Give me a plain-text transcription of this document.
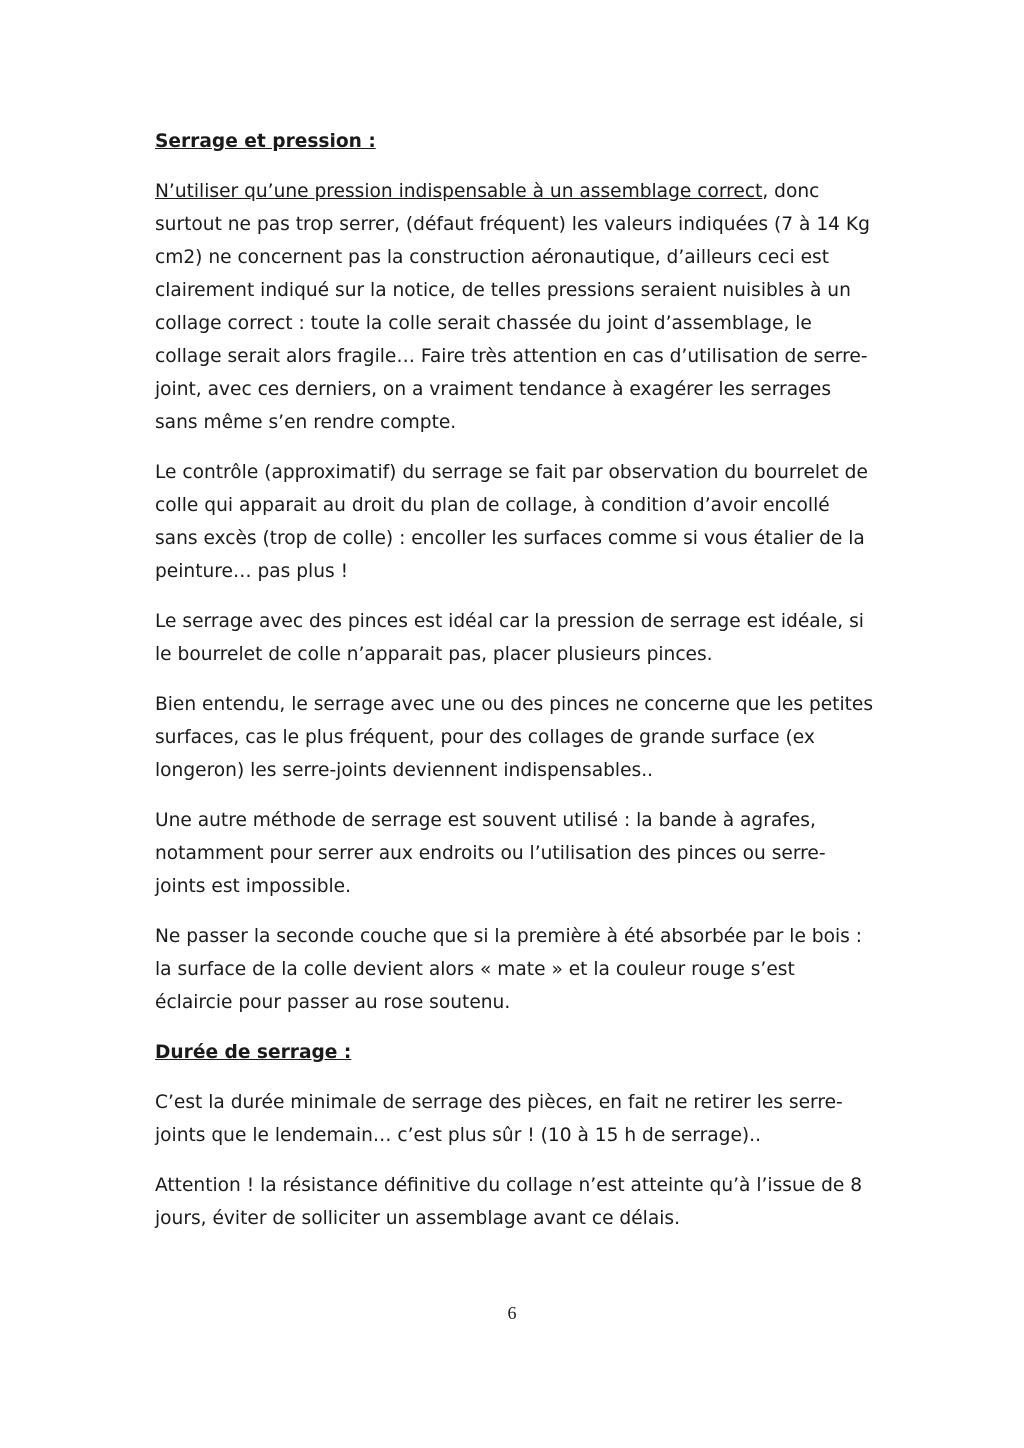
Serrage et pression :
N’utiliser qu’une pression indispensable à un assemblage correct, donc surtout ne pas trop serrer, (défaut fréquent) les valeurs indiquées (7 à 14 Kg cm2) ne concernent pas la construction aéronautique, d’ailleurs ceci est clairement indiqué sur la notice, de telles pressions seraient nuisibles à un collage correct : toute la colle serait chassée du joint d’assemblage, le collage serait alors fragile… Faire très attention en cas d’utilisation de serre-joint, avec ces derniers, on a vraiment tendance à exagérer les serrages sans même s’en rendre compte.
Le contrôle (approximatif) du serrage se fait par observation du bourrelet de colle qui apparait au droit du plan de collage, à condition d’avoir encollé sans excès (trop de colle) : encoller les surfaces comme si vous étalier de la peinture… pas plus !
Le serrage avec des pinces est idéal car la pression de serrage est idéale, si le bourrelet de colle n’apparait pas, placer plusieurs pinces.
Bien entendu, le serrage avec une ou des pinces ne concerne que les petites surfaces, cas le plus fréquent, pour des collages de grande surface (ex longeron) les serre-joints deviennent indispensables..
Une autre méthode de serrage est souvent utilisé : la bande à agrafes, notamment pour serrer aux endroits ou l’utilisation des pinces ou serre-joints est impossible.
Ne passer la seconde couche que si la première à été absorbée par le bois : la surface de la colle devient alors « mate » et la couleur rouge s’est éclaircie pour passer au rose soutenu.
Durée de serrage :
C’est la durée minimale de serrage des pièces, en fait ne retirer les serre-joints que le lendemain… c’est plus sûr ! (10 à 15 h de serrage)..
Attention ! la résistance définitive du collage n’est atteinte qu’à l’issue de 8 jours, éviter de solliciter un assemblage avant ce délais.
6
